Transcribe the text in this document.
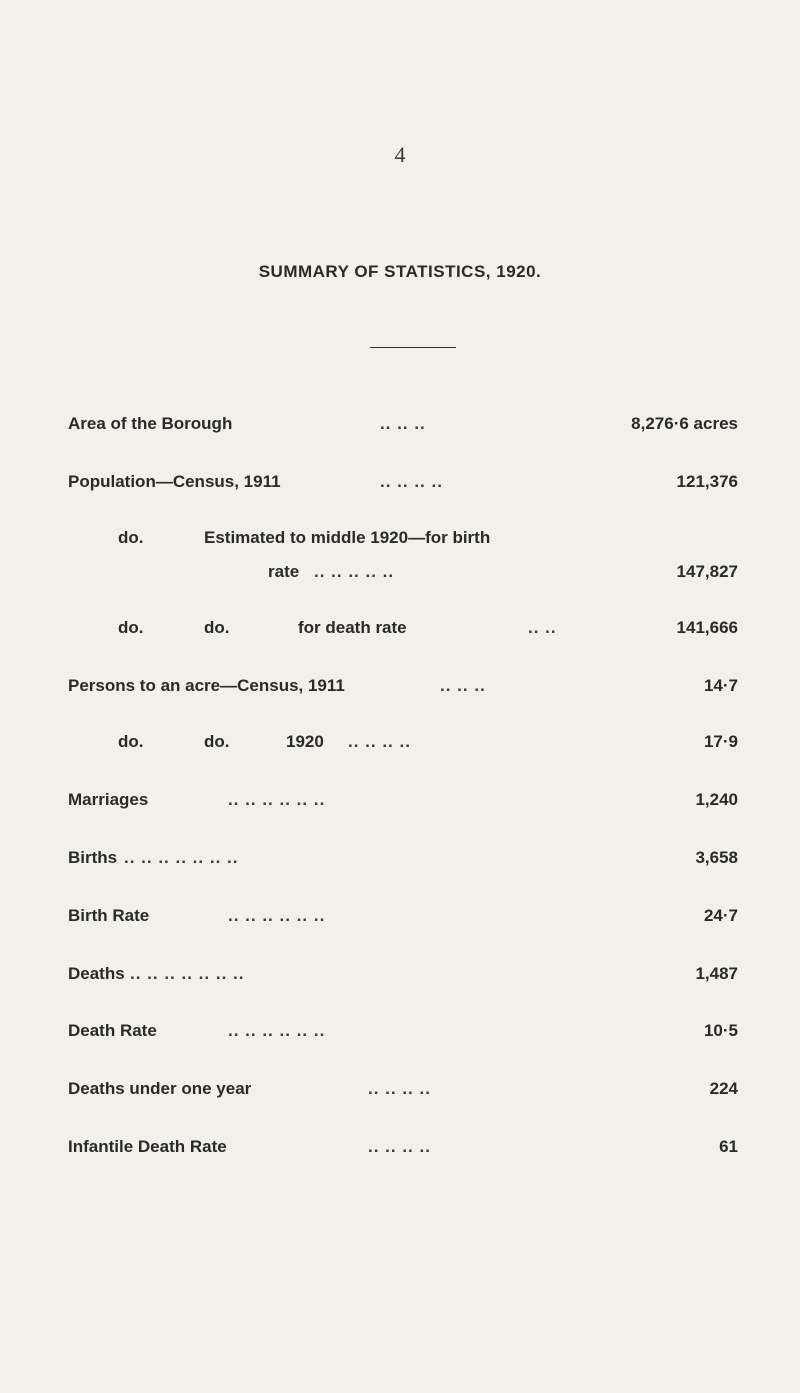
4
SUMMARY OF STATISTICS, 1920.
Area of the Borough	.. .. ..	8,276·6 acres
Population—Census, 1911	.. .. .. ..	121,376
do.	Estimated to middle 1920—for birth
rate .. .. .. .. ..	147,827
do.	do.	for death rate	.. ..	141,666
Persons to an acre—Census, 1911	.. .. ..	14·7
do.	do.	1920 .. .. .. ..	17·9
Marriages	.. .. .. .. .. ..	1,240
Births .. .. .. .. .. .. ..	3,658
Birth Rate	.. .. .. .. .. ..	24·7
Deaths .. .. .. .. .. .. ..	1,487
Death Rate	.. .. .. .. .. ..	10·5
Deaths under one year	.. .. .. ..	224
Infantile Death Rate	.. .. .. ..	61
